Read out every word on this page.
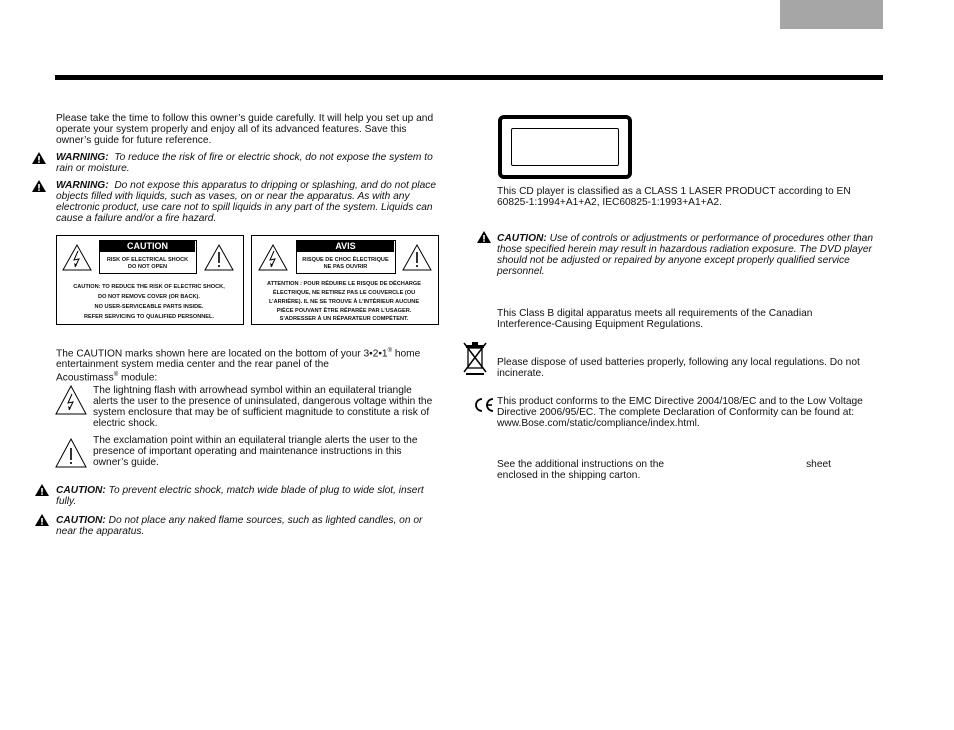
Please take the time to follow this owner’s guide carefully. It will help you set up and operate your system properly and enjoy all of its advanced features. Save this owner’s guide for future reference.

WARNING: To reduce the risk of fire or electric shock, do not expose the system to rain or moisture.

WARNING: Do not expose this apparatus to dripping or splashing, and do not place objects filled with liquids, such as vases, on or near the apparatus. As with any electronic product, use care not to spill liquids in any part of the system. Liquids can cause a failure and/or a fire hazard.

CAUTION
RISK OF ELECTRICAL SHOCK
DO NOT OPEN
CAUTION: TO REDUCE THE RISK OF ELECTRIC SHOCK,
DO NOT REMOVE COVER (OR BACK).
NO USER-SERVICEABLE PARTS INSIDE.
REFER SERVICING TO QUALIFIED PERSONNEL.
AVIS
RISQUE DE CHOC ÉLECTRIQUE
NE PAS OUVRIR
ATTENTION : POUR RÉDUIRE LE RISQUE DE DÉCHARGE
ÉLECTRIQUE, NE RETIREZ PAS LE COUVERCLE (OU
L’ARRIÈRE). IL NE SE TROUVE À L’INTÉRIEUR AUCUNE
PIÈCE POUVANT ÊTRE RÉPARÉE PAR L’USAGER.
S’ADRESSER À UN RÉPARATEUR COMPÉTENT.

The CAUTION marks shown here are located on the bottom of your 3•2•1® home entertainment system media center and the rear panel of the
Acoustimass® module:

The lightning flash with arrowhead symbol within an equilateral triangle alerts the user to the presence of uninsulated, dangerous voltage within the system enclosure that may be of sufficient magnitude to constitute a risk of electric shock.

The exclamation point within an equilateral triangle alerts the user to the presence of important operating and maintenance instructions in this owner’s guide.

CAUTION: To prevent electric shock, match wide blade of plug to wide slot, insert fully.

CAUTION: Do not place any naked flame sources, such as lighted candles, on or near the apparatus.

This CD player is classified as a CLASS 1 LASER PRODUCT according to EN 60825-1:1994+A1+A2, IEC60825-1:1993+A1+A2.

CAUTION: Use of controls or adjustments or performance of procedures other than those specified herein may result in hazardous radiation exposure. The DVD player should not be adjusted or repaired by anyone except properly qualified service personnel.

This Class B digital apparatus meets all requirements of the Canadian Interference-Causing Equipment Regulations.

Please dispose of used batteries properly, following any local regulations. Do not incinerate.

This product conforms to the EMC Directive 2004/108/EC and to the Low Voltage Directive 2006/95/EC. The complete Declaration of Conformity can be found at: www.Bose.com/static/compliance/index.html.

See the additional instructions on the	sheet
enclosed in the shipping carton.
